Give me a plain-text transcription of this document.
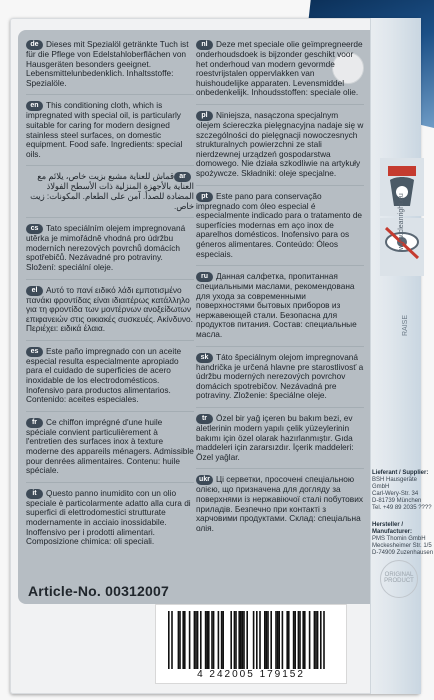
de Dieses mit Spezialöl getränkte Tuch ist für die Pflege von Edelstahloberflächen von Hausgeräten besonders geeignet. Lebensmittelunbedenklich. Inhaltsstoffe: Spezialöle.
en This conditioning cloth, which is impregnated with special oil, is particularly suitable for caring for modern designed stainless steel surfaces, on domestic equipment. Food safe. Ingredients: special oils.
arقماش للعناية مشبع بزيت خاص، يلائم مع العناية بالأجهزة المنزلية ذات الأسطح الفولاذ المضادة للصدأ. آمن على الطعام. المكونات: زيت خاص.
cs Tato speciálním olejem impregnovaná utěrka je mimořádně vhodná pro údržbu moderních nerezových povrchů domácích spotřebičů. Nezávadné pro potraviny. Složení: speciální oleje.
el Αυτό το πανί ειδικό λάδι εμποτισμένο πανάκι φροντίδας είναι ιδιαιτέρως κατάλληλο για τη φροντίδα των μοντέρνων ανοξείδωτων επιφανειών στις οικιακές συσκευές. Ακίνδυνο. Περιέχει: ειδικά έλαια.
es Este paño impregnado con un aceite especial resulta especialmente apropiado para el cuidado de superficies de acero inoxidable de los electrodomésticos. Inofensivo para productos alimentarios. Contenido: aceites especiales.
fr Ce chiffon imprégné d'une huile spéciale convient particulièrement à l'entretien des surfaces inox à texture moderne des appareils ménagers. Admissible pour denrées alimentaires. Contenu: huile spéciale.
it Questo panno inumidito con un olio speciale è particolarmente adatto alla cura di superfici di elettrodomestici strutturate modernamente in acciaio inossidabile. Inoffensivo per i prodotti alimentari. Composizione chimica: oli speciali.
nl Deze met speciale olie geïmpregneerde onderhoudsdoek is bijzonder geschikt voor het onderhoud van modern gevormde roestvrijstalen oppervlakken van huishoudelijke apparaten. Levensmiddel onbedenkelijk. Inhoudsstoffen: speciale olie.
pl Niniejsza, nasączona specjalnym olejem ściereczka pielęgnacyjna nadaje się w szczególności do pielęgnacji nowoczesnych strukturalnych powierzchni ze stali nierdzewnej urządzeń gospodarstwa domowego. Nie działa szkodliwie na artykuły spożywcze. Składniki: oleje specjalne.
pt Este pano para conservação impregnado com óleo especial é especialmente indicado para o tratamento de superfícies modernas em aço inox de aparelhos domésticos. Inofensivo para os géneros alimentares. Conteúdo: Óleos especiais.
ru Данная салфетка, пропитанная специальными маслами, рекомендована для ухода за современными поверхностями бытовых приборов из нержавеющей стали. Безопасна для продуктов питания. Состав: специальные масла.
sk Táto špeciálnym olejom impregnovaná handrička je určená hlavne pre starostlivosť a údržbu moderných nerezových povrchov domácich spotrebičov. Nezávadná pre potraviny. Zloženie: špeciálne oleje.
tr Özel bir yağ içeren bu bakım bezi, ev aletlerinin modern yapılı çelik yüzeylerinin bakımı için özel olarak hazırlanmıştır. Gıda maddeleri için zararsızdır. İçerik maddeleri: Özel yağlar.
ukr Ці серветки, просочені спеціальною олією, що призначена для догляду за поверхнями із нержавіючої сталі побутових приладів. Безпечно при контакті з харчовими продуктами. Склад: спеціальна олія.
Article-No. 00312007
4 242005 179152
www.cleanright.eu
RAISE
Lieferant / Supplier:
BSH Hausgeräte GmbH
Carl-Wery-Str. 34
D-81739 München
Tel. +49 89 2035 ????
Hersteller / Manufacturer:
PMS Thomin GmbH
Meckesheimer Str. 1/5
D-74909 Zuzenhausen
ORIGINAL PRODUCT
